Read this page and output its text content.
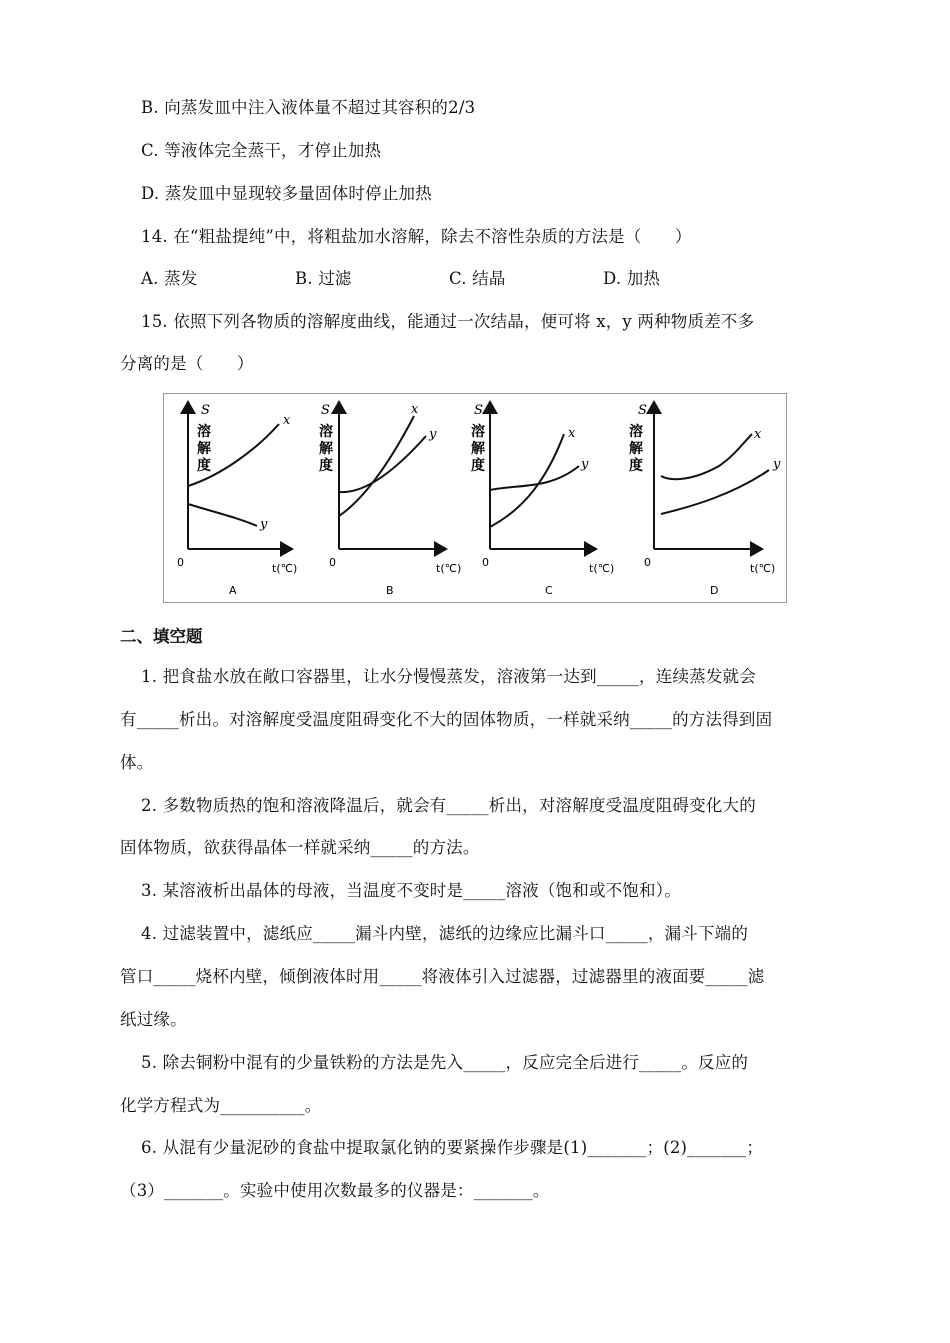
B. 向蒸发皿中注入液体量不超过其容积的2/3
C. 等液体完全蒸干，才停止加热
D. 蒸发皿中显现较多量固体时停止加热
14. 在“粗盐提纯”中，将粗盐加水溶解，除去不溶性杂质的方法是（　　）
A. 蒸发	B. 过滤	C. 结晶	D. 加热
15. 依照下列各物质的溶解度曲线，能通过一次结晶，便可将 x，y 两种物质差不多
分离的是（　　）
S
溶
解
度
x
y
0	t(℃)
A
S
溶
解
度
x
y
0	t(℃)
B
S
溶
解
度
x
y
0	t(℃)
C
S
溶
解
度
x
y
0	t(℃)
D
二、填空题
1. 把食盐水放在敞口容器里，让水分慢慢蒸发，溶液第一达到_____，连续蒸发就会
有_____析出。对溶解度受温度阻碍变化不大的固体物质，一样就采纳_____的方法得到固
体。
2. 多数物质热的饱和溶液降温后，就会有_____析出，对溶解度受温度阻碍变化大的
固体物质，欲获得晶体一样就采纳_____的方法。
3. 某溶液析出晶体的母液，当温度不变时是_____溶液（饱和或不饱和）。
4. 过滤装置中，滤纸应_____漏斗内壁，滤纸的边缘应比漏斗口_____，漏斗下端的
管口_____烧杯内壁，倾倒液体时用_____将液体引入过滤器，过滤器里的液面要_____滤
纸过缘。
5. 除去铜粉中混有的少量铁粉的方法是先入_____，反应完全后进行_____。反应的
化学方程式为__________。
6. 从混有少量泥砂的食盐中提取氯化钠的要紧操作步骤是(1)_______；(2)_______；
（3）_______。实验中使用次数最多的仪器是：_______。
